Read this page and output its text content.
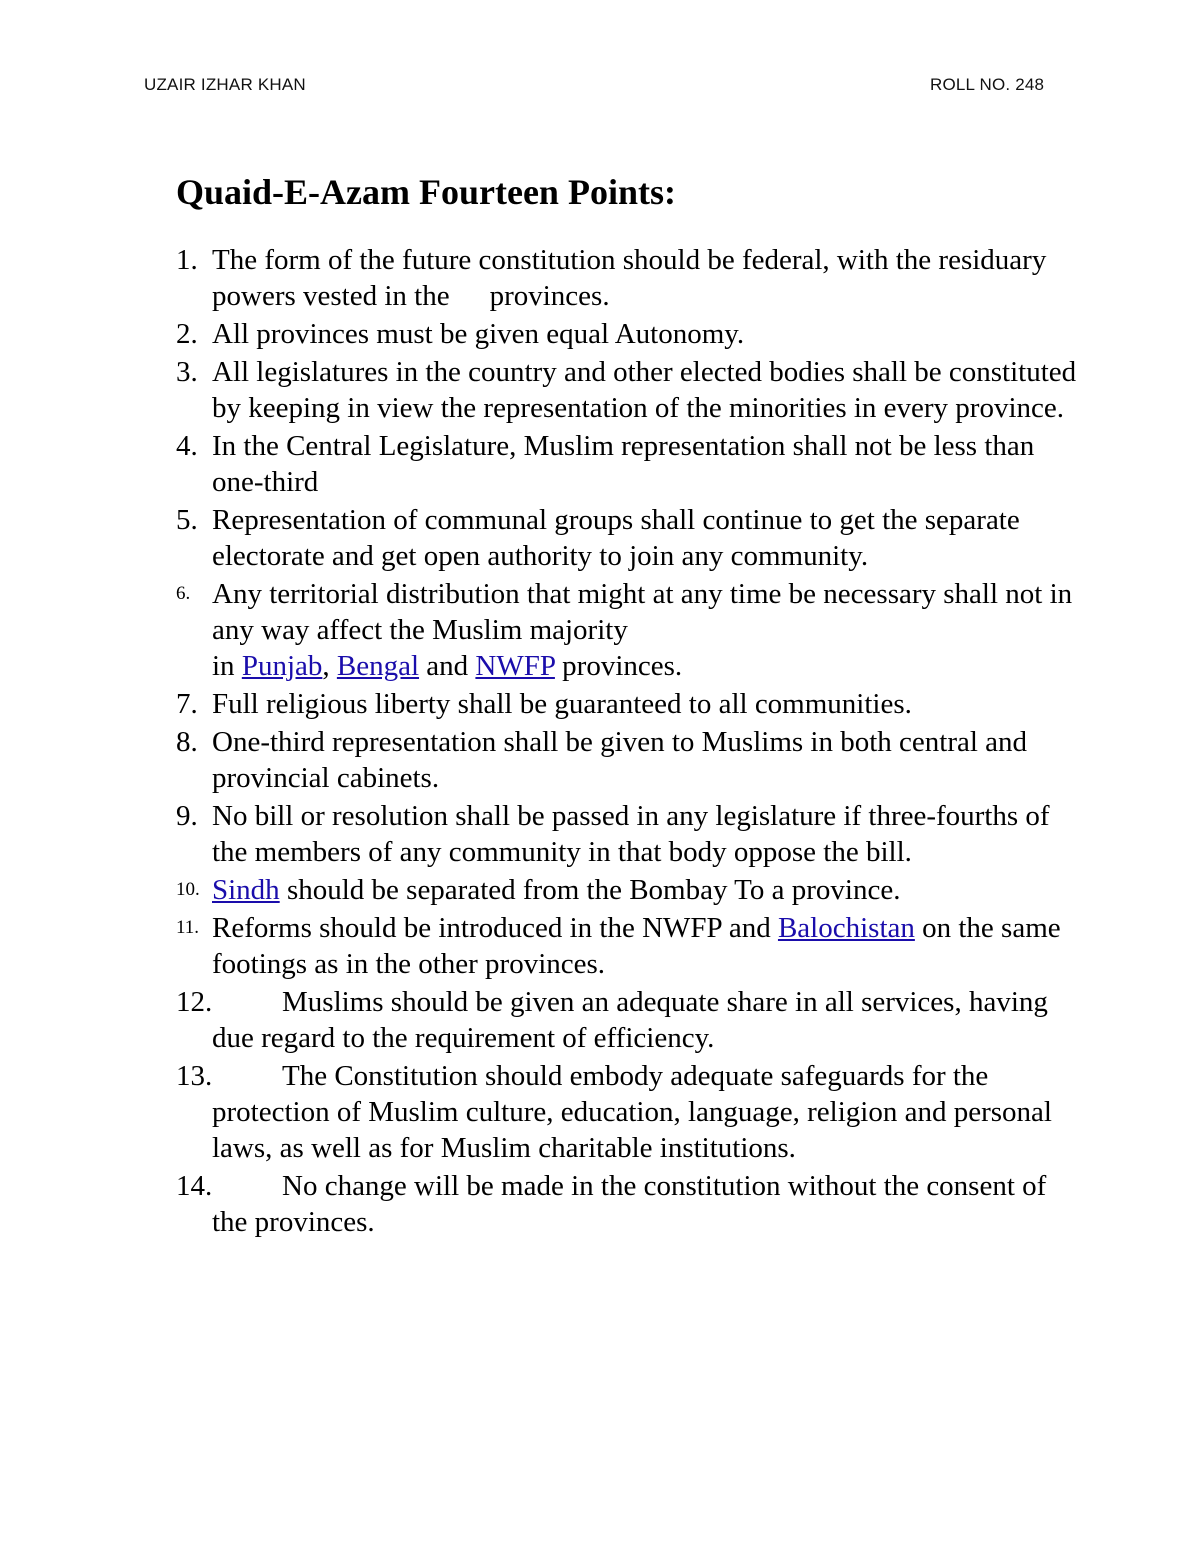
UZAIR IZHAR KHAN	ROLL NO. 248
Quaid-E-Azam Fourteen Points:
1. The form of the future constitution should be federal, with the residuary powers vested in the provinces.
2. All provinces must be given equal Autonomy.
3. All legislatures in the country and other elected bodies shall be constituted by keeping in view the representation of the minorities in every province.
4. In the Central Legislature, Muslim representation shall not be less than one-third
5. Representation of communal groups shall continue to get the separate electorate and get open authority to join any community.
6. Any territorial distribution that might at any time be necessary shall not in any way affect the Muslim majority
in Punjab, Bengal and NWFP provinces.
7. Full religious liberty shall be guaranteed to all communities.
8. One-third representation shall be given to Muslims in both central and provincial cabinets.
9. No bill or resolution shall be passed in any legislature if three-fourths of the members of any community in that body oppose the bill.
10. Sindh should be separated from the Bombay To a province.
11. Reforms should be introduced in the NWFP and Balochistan on the same footings as in the other provinces.
12. Muslims should be given an adequate share in all services, having due regard to the requirement of efficiency.
13. The Constitution should embody adequate safeguards for the protection of Muslim culture, education, language, religion and personal laws, as well as for Muslim charitable institutions.
14. No change will be made in the constitution without the consent of the provinces.
